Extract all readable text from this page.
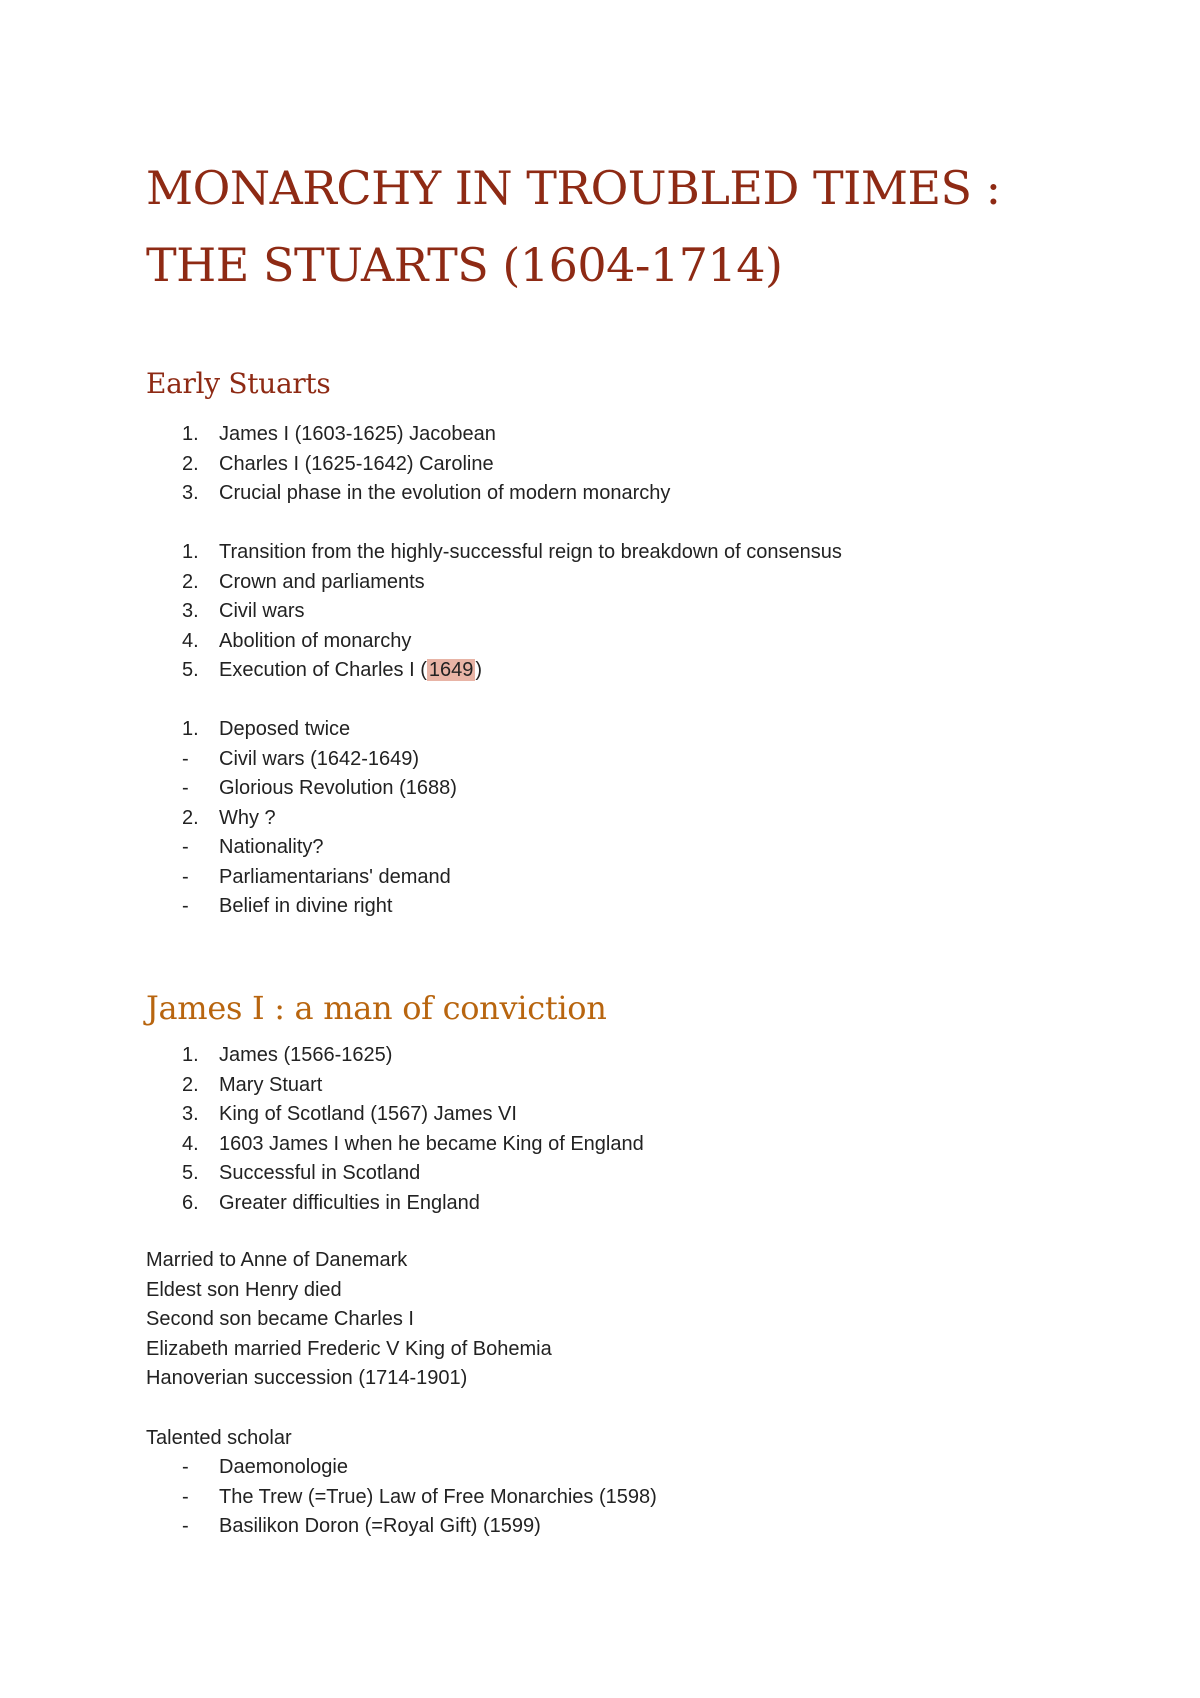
MONARCHY IN TROUBLED TIMES :
THE STUARTS (1604-1714)
Early Stuarts
1.	James I (1603-1625) Jacobean
2.	Charles I (1625-1642) Caroline
3.	Crucial phase in the evolution of modern monarchy
1.	Transition from the highly-successful reign to breakdown of consensus
2.	Crown and parliaments
3.	Civil wars
4.	Abolition of monarchy
5.	Execution of Charles I ( 1649 )
1.	Deposed twice
-	Civil wars (1642-1649)
-	Glorious Revolution (1688)
2.	Why ?
-	Nationality?
-	Parliamentarians' demand
-	Belief in divine right
James I : a man of conviction
1.	James (1566-1625)
2.	Mary Stuart
3.	King of Scotland (1567) James VI
4.	1603 James I when he became King of England
5.	Successful in Scotland
6.	Greater difficulties in England
Married to Anne of Danemark
Eldest son Henry died
Second son became Charles I
Elizabeth married Frederic V King of Bohemia
Hanoverian succession (1714-1901)
Talented scholar
-	Daemonologie
-	The Trew (=True) Law of Free Monarchies (1598)
-	Basilikon Doron (=Royal Gift) (1599)
